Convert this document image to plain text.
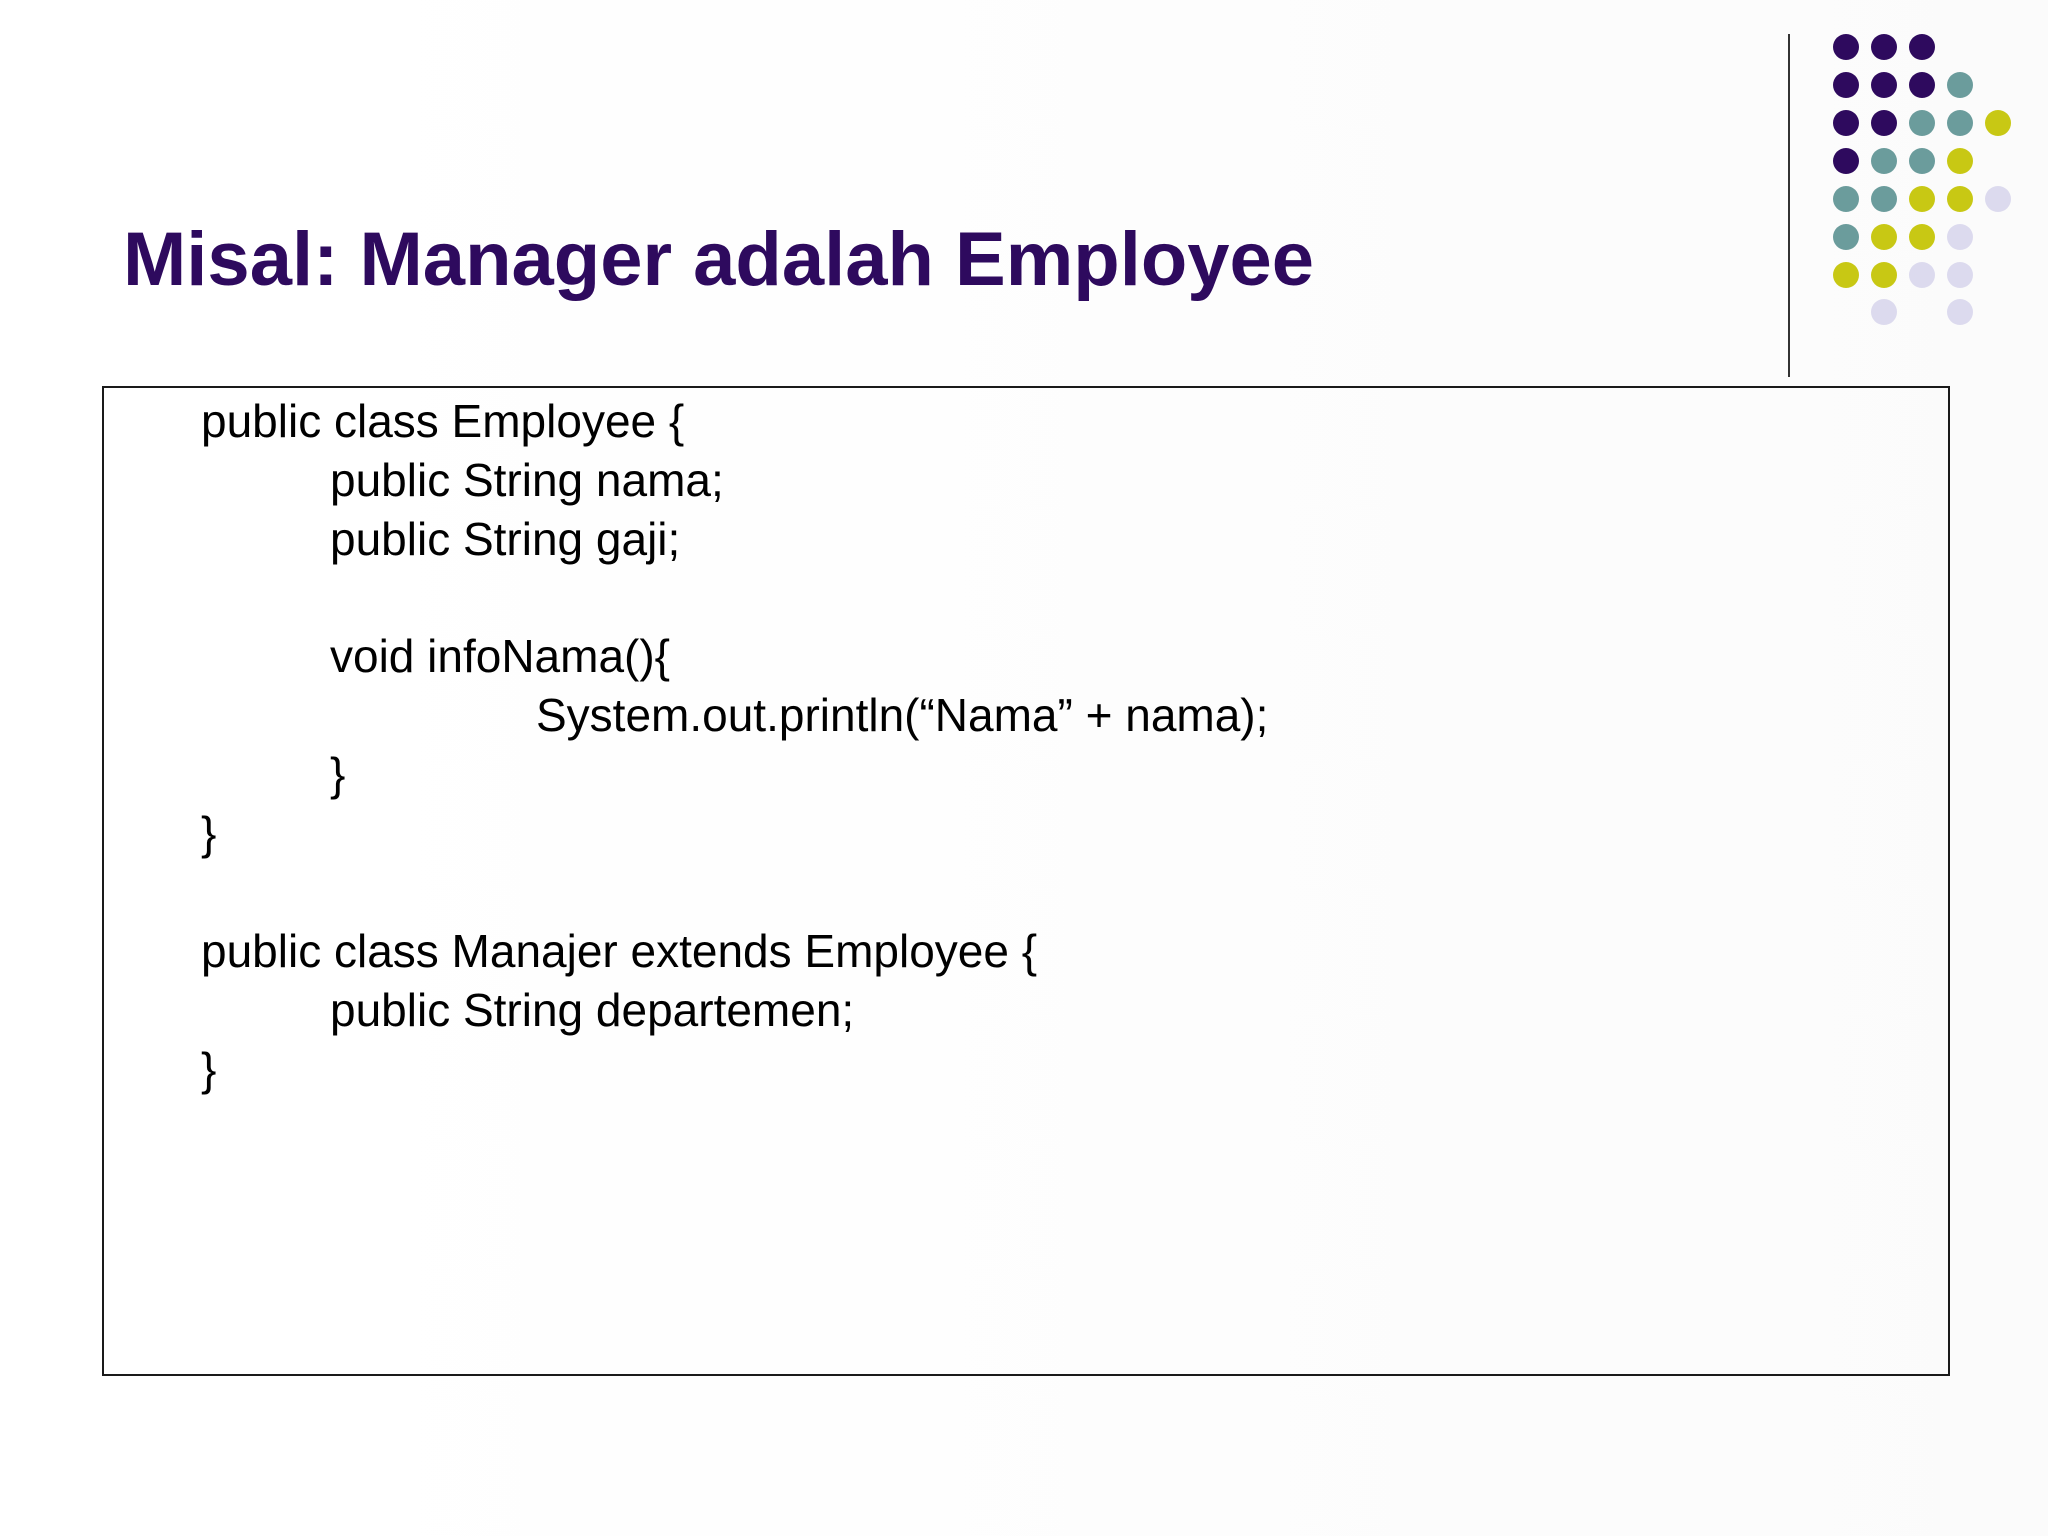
Misal: Manager adalah Employee
public class Employee {
public String nama;
public String gaji;
void infoNama(){
System.out.println(“Nama” + nama);
}
}
public class Manajer extends Employee {
public String departemen;
}
